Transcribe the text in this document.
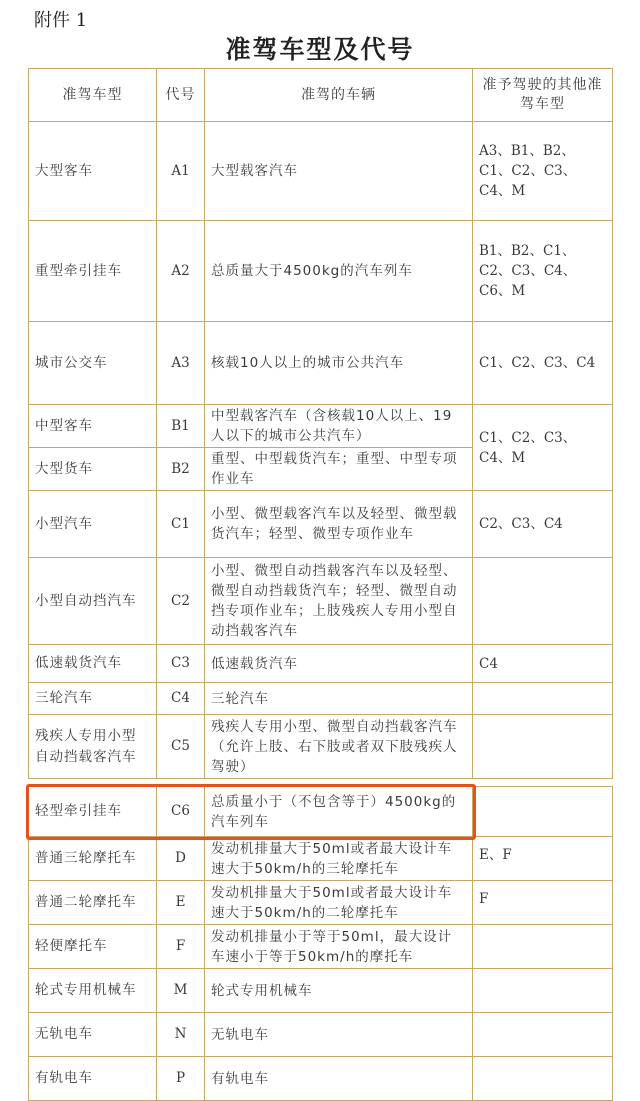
附件 1
准驾车型及代号
准驾车型	代号	准驾的车辆	准予驾驶的其他准驾车型
大型客车	A1	大型载客汽车	A3、B1、B2、C1、C2、C3、C4、M
重型牵引挂车	A2	总质量大于4500kg的汽车列车	B1、B2、C1、C2、C3、C4、C6、M
城市公交车	A3	核载10人以上的城市公共汽车	C1、C2、C3、C4
中型客车	B1	中型载客汽车（含核载10人以上、19人以下的城市公共汽车）	C1、C2、C3、C4、M
大型货车	B2	重型、中型载货汽车；重型、中型专项作业车	
小型汽车	C1	小型、微型载客汽车以及轻型、微型载货汽车；轻型、微型专项作业车	C2、C3、C4
小型自动挡汽车	C2	小型、微型自动挡载客汽车以及轻型、微型自动挡载货汽车；轻型、微型自动挡专项作业车；上肢残疾人专用小型自动挡载客汽车	
低速载货汽车	C3	低速载货汽车	C4
三轮汽车	C4	三轮汽车	
残疾人专用小型自动挡载客汽车	C5	残疾人专用小型、微型自动挡载客汽车（允许上肢、右下肢或者双下肢残疾人驾驶）	

轻型牵引挂车	C6	总质量小于（不包含等于）4500kg的汽车列车	
普通三轮摩托车	D	发动机排量大于50ml或者最大设计车速大于50km/h的三轮摩托车	E、F
普通二轮摩托车	E	发动机排量大于50ml或者最大设计车速大于50km/h的二轮摩托车	F
轻便摩托车	F	发动机排量小于等于50ml，最大设计车速小于等于50km/h的摩托车	
轮式专用机械车	M	轮式专用机械车	
无轨电车	N	无轨电车	
有轨电车	P	有轨电车	
